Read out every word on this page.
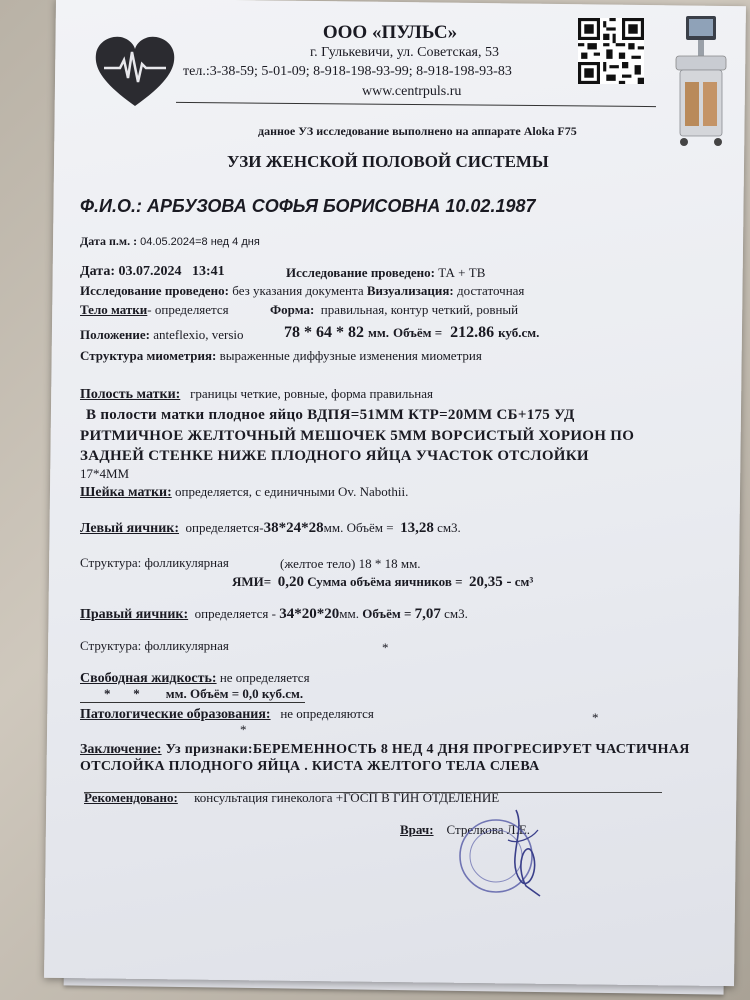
ООО «ПУЛЬС»
г. Гулькевичи, ул. Советская, 53
тел.:3-38-59; 5-01-09; 8-918-198-93-99; 8-918-198-93-83
www.centrpuls.ru
данное УЗ исследование выполнено на аппарате Aloka F75
УЗИ ЖЕНСКОЙ ПОЛОВОЙ СИСТЕМЫ
Ф.И.О.: АРБУЗОВА СОФЬЯ БОРИСОВНА 10.02.1987
Дата п.м. : 04.05.2024=8 нед 4 дня
Дата: 03.07.2024 13:41	Исследование проведено: ТА + ТВ
Исследование проведено: без указания документа Визуализация: достаточная
Тело матки- определяется	Форма: правильная, контур четкий, ровный
Положение: anteflexio, versio	78 * 64 * 82 мм. Объём = 212.86 куб.см.
Структура миометрия: выраженные диффузные изменения миометрия
Полость матки: границы четкие, ровные, форма правильная
В полости матки плодное яйцо ВДПЯ=51ММ КТР=20ММ СБ+175 УД
РИТМИЧНОЕ ЖЕЛТОЧНЫЙ МЕШОЧЕК 5ММ ВОРСИСТЫЙ ХОРИОН ПО
ЗАДНЕЙ СТЕНКЕ НИЖЕ ПЛОДНОГО ЯЙЦА УЧАСТОК ОТСЛОЙКИ
17*4ММ
Шейка матки: определяется, с единичными Ov. Nabothii.
Левый яичник: определяется-38*24*28мм. Объём = 13,28 см3.
Структура: фолликулярная	(желтое тело) 18 * 18 мм.
ЯМИ= 0,20 Сумма объёма яичников = 20,35 - см³
Правый яичник: определяется - 34*20*20мм. Объём = 7,07 см3.
Структура: фолликулярная	*
Свободная жидкость: не определяется
*       *        мм. Объём = 0,0 куб.см.
Патологические образования: не определяются	*
*
Заключение: Уз признаки:БЕРЕМЕННОСТЬ 8 НЕД 4 ДНЯ ПРОГРЕСИРУЕТ ЧАСТИЧНАЯ
ОТСЛОЙКА ПЛОДНОГО ЯЙЦА . КИСТА ЖЕЛТОГО ТЕЛА СЛЕВА
Рекомендовано: консультация гинеколога +ГОСП В ГИН ОТДЕЛЕНИЕ
Врач: Стрелкова Л.Е.
